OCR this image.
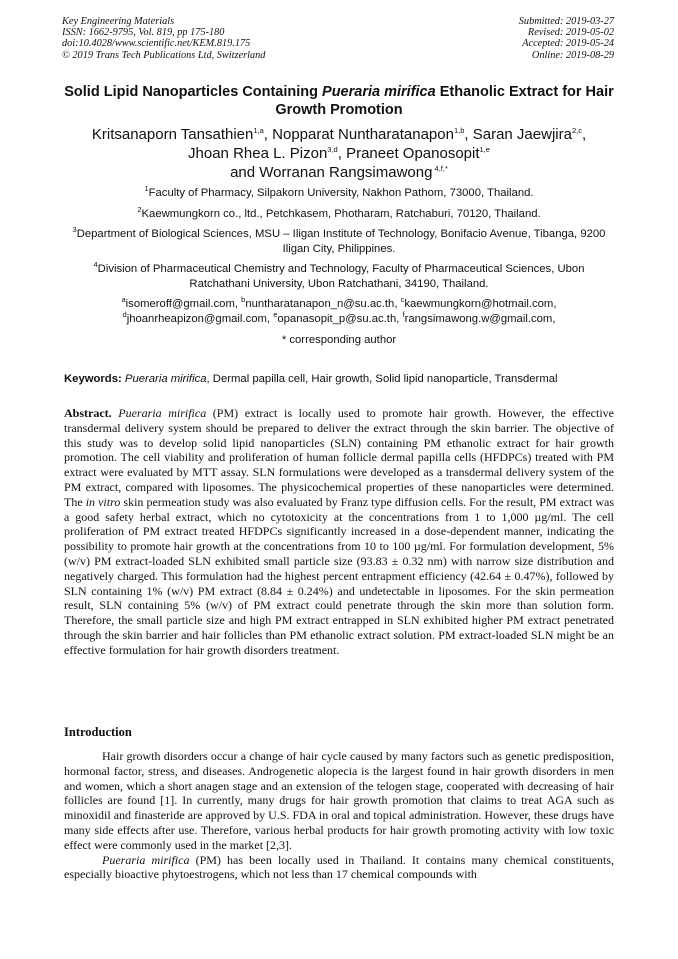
Key Engineering Materials
ISSN: 1662-9795, Vol. 819, pp 175-180
doi:10.4028/www.scientific.net/KEM.819.175
© 2019 Trans Tech Publications Ltd, Switzerland
Submitted: 2019-03-27
Revised: 2019-05-02
Accepted: 2019-05-24
Online: 2019-08-29
Solid Lipid Nanoparticles Containing Pueraria mirifica Ethanolic Extract for Hair Growth Promotion
Kritsanaporn Tansathien$^{1,a}$, Nopparat Nuntharatanapon$^{1,b}$, Saran Jaewjira$^{2,c}$,
Jhoan Rhea L. Pizon$^{3,d}$, Praneet Opanosopit$^{1,e}$
and Worranan Rangsimawong $^{4,f,*}$

$^1$Faculty of Pharmacy, Silpakorn University, Nakhon Pathom, 73000, Thailand.

$^2$Kaewmungkorn co., ltd., Petchkasem, Photharam, Ratchaburi, 70120, Thailand.

$^3$Department of Biological Sciences, MSU – Iligan Institute of Technology, Bonifacio Avenue, Tibanga, 9200 Iligan City, Philippines.

$^4$Division of Pharmaceutical Chemistry and Technology, Faculty of Pharmaceutical Sciences, Ubon Ratchathani University, Ubon Ratchathani, 34190, Thailand.

$^a$isomeroff@gmail.com, $^b$nuntharatanapon_n@su.ac.th, $^c$kaewmungkorn@hotmail.com,
$^d$jhoanrheapizon@gmail.com, $^e$opanasopit_p@su.ac.th, $^f$rangsimawong.w@gmail.com,

* corresponding author

Keywords: Pueraria mirifica, Dermal papilla cell, Hair growth, Solid lipid nanoparticle, Transdermal

Abstract. Pueraria mirifica (PM) extract is locally used to promote hair growth. However, the effective transdermal delivery system should be prepared to deliver the extract through the skin barrier. The objective of this study was to develop solid lipid nanoparticles (SLN) containing PM ethanolic extract for hair growth promotion. The cell viability and proliferation of human follicle dermal papilla cells (HFDPCs) treated with PM extract were evaluated by MTT assay. SLN formulations were developed as a transdermal delivery system of the PM extract, compared with liposomes. The physicochemical properties of these nanoparticles were determined. The in vitro skin permeation study was also evaluated by Franz type diffusion cells. For the result, PM extract was a good safety herbal extract, which no cytotoxicity at the concentrations from 1 to 1,000 µg/ml. The cell proliferation of PM extract treated HFDPCs significantly increased in a dose-dependent manner, indicating the possibility to promote hair growth at the concentrations from 10 to 100 µg/ml. For formulation development, 5% (w/v) PM extract-loaded SLN exhibited small particle size (93.83 ± 0.32 nm) with narrow size distribution and negatively charged. This formulation had the highest percent entrapment efficiency (42.64 ± 0.47%), followed by SLN containing 1% (w/v) PM extract (8.84 ± 0.24%) and undetectable in liposomes. For the skin permeation result, SLN containing 5% (w/v) of PM extract could penetrate through the skin more than solution form. Therefore, the small particle size and high PM extract entrapped in SLN exhibited higher PM extract penetrated through the skin barrier and hair follicles than PM ethanolic extract solution. PM extract-loaded SLN might be an effective formulation for hair growth disorders treatment.

Introduction

Hair growth disorders occur a change of hair cycle caused by many factors such as genetic predisposition, hormonal factor, stress, and diseases. Androgenetic alopecia is the largest found in hair growth disorders in men and women, which a short anagen stage and an extension of the telogen stage, cooperated with decreasing of hair follicles are found [1]. In currently, many drugs for hair growth promotion that claims to treat AGA such as minoxidil and finasteride are approved by U.S. FDA in oral and topical administration. However, these drugs have many side effects after use. Therefore, various herbal products for hair growth promoting activity with low toxic effect were commonly used in the market [2,3].

Pueraria mirifica (PM) has been locally used in Thailand. It contains many chemical constituents, especially bioactive phytoestrogens, which not less than 17 chemical compounds with
